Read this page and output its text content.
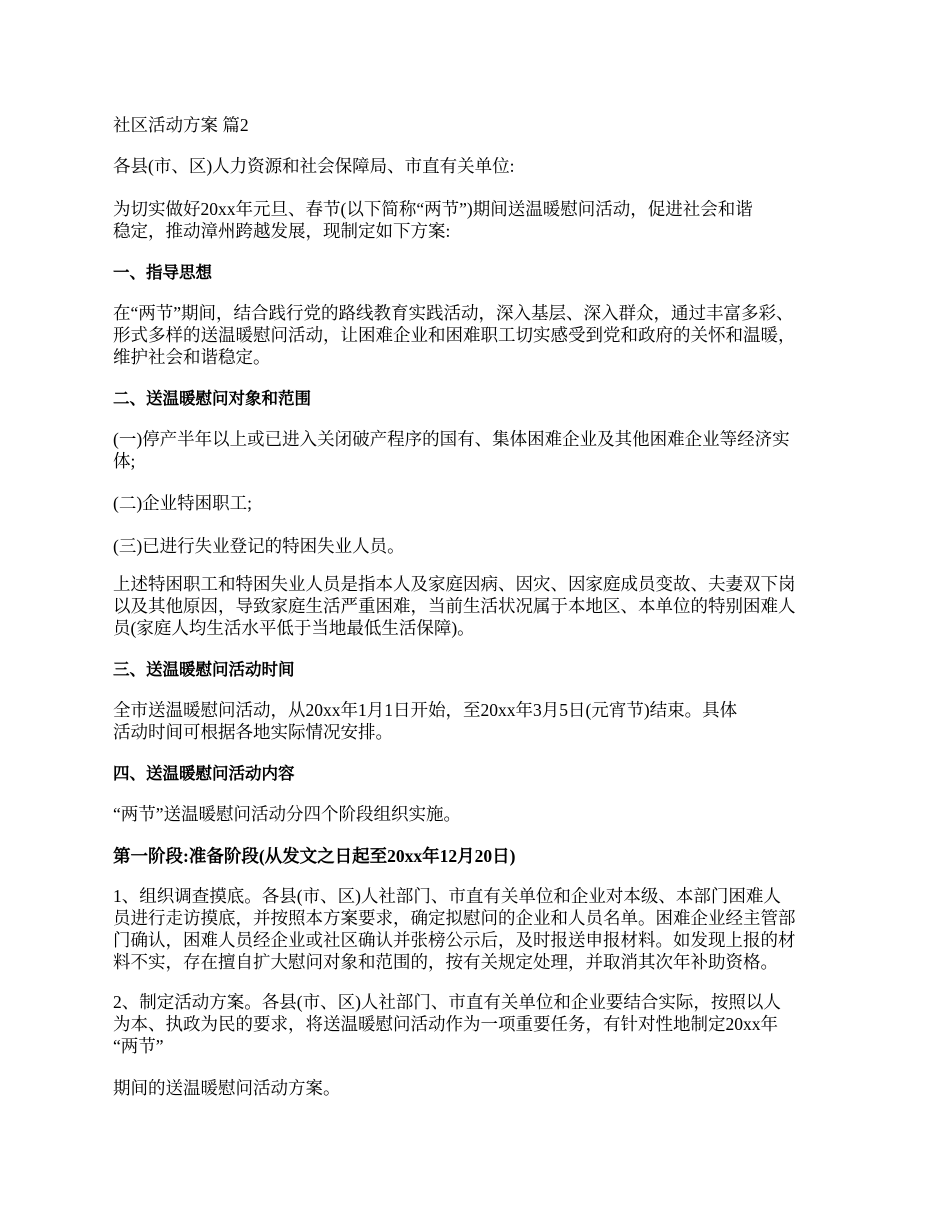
社区活动方案 篇2

各县(市、区)人力资源和社会保障局、市直有关单位:

为切实做好20xx年元旦、春节(以下简称“两节”)期间送温暖慰问活动，促进社会和谐
稳定，推动漳州跨越发展，现制定如下方案:

一、指导思想

在“两节”期间，结合践行党的路线教育实践活动，深入基层、深入群众，通过丰富多彩、
形式多样的送温暖慰问活动，让困难企业和困难职工切实感受到党和政府的关怀和温暖，
维护社会和谐稳定。

二、送温暖慰问对象和范围

(一)停产半年以上或已进入关闭破产程序的国有、集体困难企业及其他困难企业等经济实
体;

(二)企业特困职工;

(三)已进行失业登记的特困失业人员。

上述特困职工和特困失业人员是指本人及家庭因病、因灾、因家庭成员变故、夫妻双下岗
以及其他原因，导致家庭生活严重困难，当前生活状况属于本地区、本单位的特别困难人
员(家庭人均生活水平低于当地最低生活保障)。

三、送温暖慰问活动时间

全市送温暖慰问活动，从20xx年1月1日开始，至20xx年3月5日(元宵节)结束。具体
活动时间可根据各地实际情况安排。

四、送温暖慰问活动内容

“两节”送温暖慰问活动分四个阶段组织实施。

第一阶段:准备阶段(从发文之日起至20xx年12月20日)

1、组织调查摸底。各县(市、区)人社部门、市直有关单位和企业对本级、本部门困难人
员进行走访摸底，并按照本方案要求，确定拟慰问的企业和人员名单。困难企业经主管部
门确认，困难人员经企业或社区确认并张榜公示后，及时报送申报材料。如发现上报的材
料不实，存在擅自扩大慰问对象和范围的，按有关规定处理，并取消其次年补助资格。

2、制定活动方案。各县(市、区)人社部门、市直有关单位和企业要结合实际，按照以人
为本、执政为民的要求，将送温暖慰问活动作为一项重要任务，有针对性地制定20xx年
“两节”

期间的送温暖慰问活动方案。
